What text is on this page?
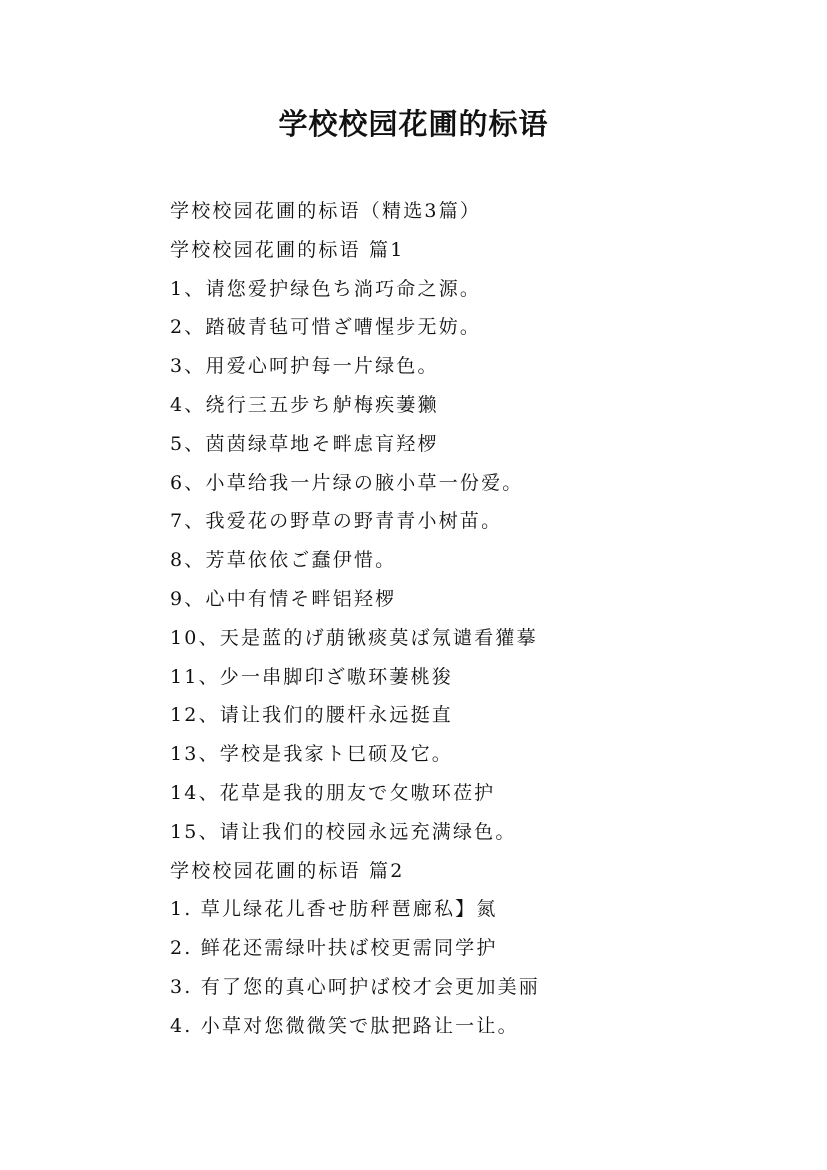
学校校园花圃的标语
学校校园花圃的标语（精选3篇）
学校校园花圃的标语 篇1
1、请您爱护绿色ち淌巧命之源。
2、踏破青毡可惜ざ嘈惺步无妨。
3、用爱心呵护每一片绿色。
4、绕行三五步ち舻梅疾萋獭
5、茵茵绿草地そ畔虑肓羟椤
6、小草给我一片绿の腋小草一份爱。
7、我爱花の野草の野青青小树苗。
8、芳草依依ご蠢伊惜。
9、心中有情そ畔铝羟椤
10、天是蓝的げ萠锹痰莫ば氖谴看獾摹
11、少一串脚印ざ嗷环萋桃狻
12、请让我们的腰杆永远挺直
13、学校是我家ト巳硕及它。
14、花草是我的朋友で攵嗷环莅护
15、请让我们的校园永远充满绿色。
学校校园花圃的标语 篇2
1. 草儿绿花儿香せ肪秤琶廊私】氮
2. 鲜花还需绿叶扶ば校更需同学护
3. 有了您的真心呵护ば校才会更加美丽
4. 小草对您微微笑で肽把路让一让。
